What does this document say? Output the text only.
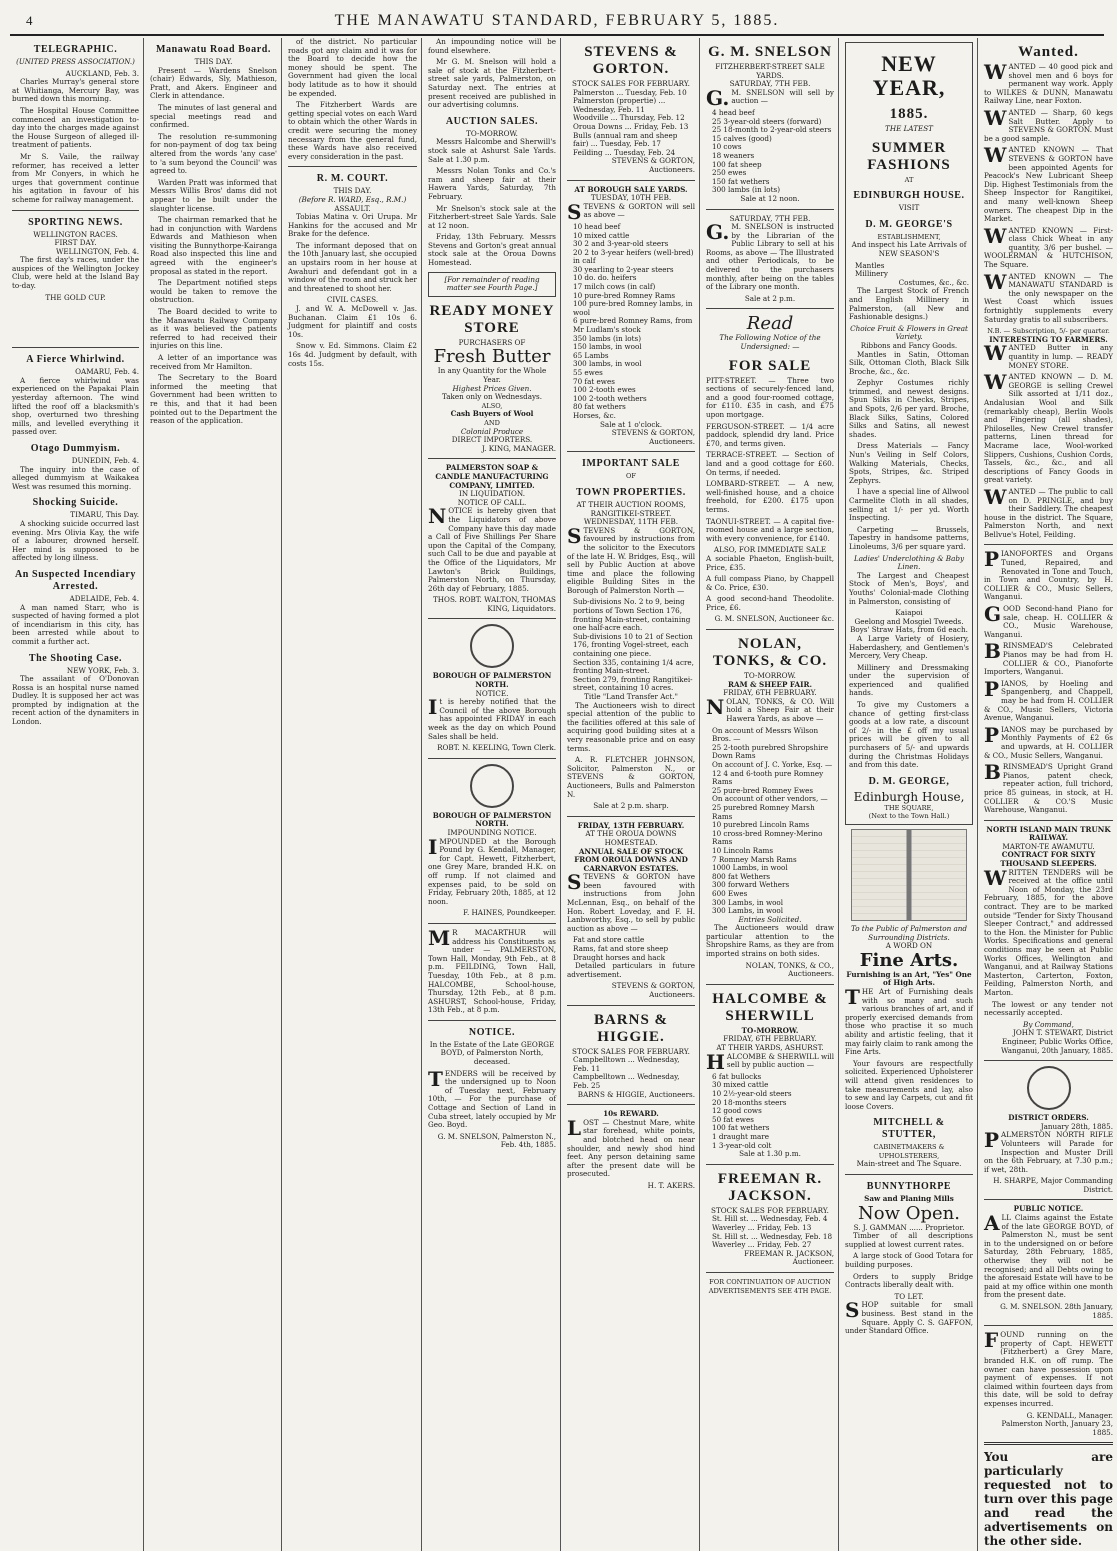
4	THE MANAWATU STANDARD, FEBRUARY 5, 1885.
TELEGRAPHIC.
(UNITED PRESS ASSOCIATION.)
AUCKLAND, Feb. 3.

Charles Murray's general store at Whitianga, Mercury Bay, was burned down this morning.

The Hospital House Committee commenced an investigation to-day into the charges made against the House Surgeon of alleged ill-treatment of patients.

Mr S. Vaile, the railway reformer, has received a letter from Mr Conyers, in which he urges that government continue his agitation in favour of his scheme for railway management.

SPORTING NEWS.
WELLINGTON RACES.
FIRST DAY.
WELLINGTON, Feb. 4.

The first day's races, under the auspices of the Wellington Jockey Club, were held at the Island Bay to-day.

THE GOLD CUP.
A Fierce Whirlwind.
OAMARU, Feb. 4.

A fierce whirlwind was experienced on the Papakai Plain yesterday afternoon. The wind lifted the roof off a blacksmith's shop, overturned two threshing mills, and levelled everything it passed over.

Otago Dummyism.
DUNEDIN, Feb. 4.

The inquiry into the case of alleged dummyism at Waikakea West was resumed this morning.

Shocking Suicide.
TIMARU, This Day.

A shocking suicide occurred last evening. Mrs Olivia Kay, the wife of a labourer, drowned herself. Her mind is supposed to be affected by long illness.

An Suspected Incendiary Arrested.
ADELAIDE, Feb. 4.

A man named Starr, who is suspected of having formed a plot of incendiarism in this city, has been arrested while about to commit a further act.

The Shooting Case.
NEW YORK, Feb. 3.

The assailant of O'Donovan Rossa is an hospital nurse named Dudley. It is supposed her act was prompted by indignation at the recent action of the dynamiters in London.

Manawatu Road Board.
THIS DAY.

Present — Wardens Snelson (chair) Edwards, Sly, Mathieson, Pratt, and Akers. Engineer and Clerk in attendance.

The minutes of last general and special meetings read and confirmed.

The resolution re-summoning for non-payment of dog tax being altered from the words 'any case' to 'a sum beyond the Council' was agreed to.

Warden Pratt was informed that Messrs Willis Bros' dams did not appear to be built under the slaughter license.

The chairman remarked that he had in conjunction with Wardens Edwards and Mathieson when visiting the Bunnythorpe-Kairanga Road also inspected this line and agreed with the engineer's proposal as stated in the report.

The Department notified steps would be taken to remove the obstruction.

The Board decided to write to the Manawatu Railway Company as it was believed the patients referred to had received their injuries on this line.

A letter of an importance was received from Mr Hamilton.

The Secretary to the Board informed the meeting that Government had been written to re this, and that it had been pointed out to the Department the reason of the application.

of the district. No particular roads got any claim and it was for the Board to decide how the money should be spent. The Government had given the local body latitude as to how it should be expended.

The Fitzherbert Wards are getting special votes on each Ward to obtain which the other Wards in credit were securing the money necessary from the general fund, these Wards have also received every consideration in the past.

R. M. COURT.
THIS DAY.
(Before R. WARD, Esq., R.M.)
ASSAULT.

Tobias Matina v. Ori Urupa. Mr Hankins for the accused and Mr Brake for the defence.

The informant deposed that on the 10th January last, she occupied an upstairs room in her house at Awahuri and defendant got in a window of the room and struck her and threatened to shoot her.

CIVIL CASES.

J. and W. A. McDowell v. Jas. Buchanan. Claim £1 10s 6. Judgment for plaintiff and costs 10s.

Snow v. Ed. Simmons. Claim £2 16s 4d. Judgment by default, with costs 15s.

An impounding notice will be found elsewhere.

Mr G. M. Snelson will hold a sale of stock at the Fitzherbert-street sale yards, Palmerston, on Saturday next. The entries at present received are published in our advertising columns.

AUCTION SALES.
TO-MORROW.

Messrs Halcombe and Sherwill's stock sale at Ashurst Sale Yards. Sale at 1.30 p.m.

Messrs Nolan Tonks and Co.'s ram and sheep fair at their Hawera Yards, Saturday, 7th February.

Mr Snelson's stock sale at the Fitzherbert-street Sale Yards. Sale at 12 noon.

Friday, 13th February. Messrs Stevens and Gorton's great annual stock sale at the Oroua Downs Homestead.

[For remainder of reading matter see Fourth Page.]
READY MONEY STORE
PURCHASERS OF
Fresh Butter
In any Quantity for the Whole Year.
Highest Prices Given.
Taken only on Wednesdays.
ALSO,
Cash Buyers of Wool
AND
Colonial Produce
DIRECT IMPORTERS.
J. KING, MANAGER.
PALMERSTON SOAP & CANDLE MANUFACTURING COMPANY, LIMITED.
IN LIQUIDATION.
NOTICE OF CALL.

NOTICE is hereby given that the Liquidators of above Company have this day made a Call of Five Shillings Per Share upon the Capital of the Company, such Call to be due and payable at the Office of the Liquidators, Mr Lawton's Brick Buildings, Palmerston North, on Thursday, 26th day of February, 1885.

THOS. ROBT. WALTON, THOMAS KING, Liquidators.
BOROUGH OF PALMERSTON NORTH.
NOTICE.

It is hereby notified that the Council of the above Borough has appointed FRIDAY in each week as the day on which Pound Sales shall be held.

ROBT. N. KEELING, Town Clerk.
BOROUGH OF PALMERSTON NORTH.
IMPOUNDING NOTICE.

IMPOUNDED at the Borough Pound by G. Kendall, Manager, for Capt. Hewett, Fitzherbert, one Grey Mare, branded H.K. on off rump. If not claimed and expenses paid, to be sold on Friday, February 20th, 1885, at 12 noon.

F. HAINES, Poundkeeper.

MR MACARTHUR will address his Constituents as under — PALMERSTON, Town Hall, Monday, 9th Feb., at 8 p.m. FEILDING, Town Hall, Tuesday, 10th Feb., at 8 p.m. HALCOMBE, School-house, Thursday, 12th Feb., at 8 p.m. ASHURST, School-house, Friday, 13th Feb., at 8 p.m.

NOTICE.

In the Estate of the Late GEORGE BOYD, of Palmerston North, deceased.

TENDERS will be received by the undersigned up to Noon of Tuesday next, February 10th, — For the purchase of Cottage and Section of Land in Cuba street, lately occupied by Mr Geo. Boyd.

G. M. SNELSON, Palmerston N., Feb. 4th, 1885.
STEVENS & GORTON.
STOCK SALES FOR FEBRUARY.
Palmerston ... Tuesday, Feb. 10
Palmerston (propertie) ... Wednesday, Feb. 11
Woodville ... Thursday, Feb. 12
Oroua Downs ... Friday, Feb. 13
Bulls (annual ram and sheep fair) ... Tuesday, Feb. 17
Feilding ... Tuesday, Feb. 24
STEVENS & GORTON, Auctioneers.
AT BOROUGH SALE YARDS.
TUESDAY, 10TH FEB.

STEVENS & GORTON will sell as above —

10 head beef
10 mixed cattle
30 2 and 3-year-old steers
20 2 to 3-year heifers (well-bred) in calf
30 yearling to 2-year steers
10 do. do. heifers
17 milch cows (in calf)
10 pure-bred Romney Rams
100 pure-bred Romney lambs, in wool
6 pure-bred Romney Rams, from Mr Ludlam's stock
350 lambs (in lots)
150 lambs, in wool
65 Lambs
300 lambs, in wool
55 ewes
70 fat ewes
100 2-tooth ewes
100 2-tooth wethers
80 fat wethers
Horses, &c.
Sale at 1 o'clock.
STEVENS & GORTON, Auctioneers.
IMPORTANT SALE
OF
TOWN PROPERTIES.
AT THEIR AUCTION ROOMS, RANGITIKEI-STREET.
WEDNESDAY, 11TH FEB.

STEVENS & GORTON, favoured by instructions from the solicitor to the Executors of the late H. W. Bridges, Esq., will sell by Public Auction at above time and place the following eligible Building Sites in the Borough of Palmerston North —

Sub-divisions No. 2 to 9, being portions of Town Section 176, fronting Main-street, containing one half-acre each.
Sub-divisions 10 to 21 of Section 176, fronting Vogel-street, each containing one piece.
Section 335, containing 1/4 acre, fronting Main-street.
Section 279, fronting Rangitikei-street, containing 10 acres.
Title "Land Transfer Act."

The Auctioneers wish to direct special attention of the public to the facilities offered at this sale of acquiring good building sites at a very reasonable price and on easy terms.

A. R. FLETCHER JOHNSON, Solicitor, Palmerston N., or STEVENS & GORTON, Auctioneers, Bulls and Palmerston N.

Sale at 2 p.m. sharp.
FRIDAY, 13TH FEBRUARY.
AT THE OROUA DOWNS HOMESTEAD.
ANNUAL SALE OF STOCK FROM OROUA DOWNS AND CARNARVON ESTATES.

STEVENS & GORTON have been favoured with instructions from John McLennan, Esq., on behalf of the Hon. Robert Loveday, and F. H. Lanbworthy, Esq., to sell by public auction as above —

Fat and store cattle
Rams, fat and store sheep
Draught horses and hack

Detailed particulars in future advertisement.

STEVENS & GORTON, Auctioneers.
BARNS & HIGGIE.
STOCK SALES FOR FEBRUARY.
Campbelltown ... Wednesday, Feb. 11
Campbelltown ... Wednesday, Feb. 25
BARNS & HIGGIE, Auctioneers.
10s REWARD.

LOST — Chestnut Mare, white star forehead, white points, and blotched head on near shoulder, and newly shod hind feet. Any person detaining same after the present date will be prosecuted.

H. T. AKERS.
G. M. SNELSON
FITZHERBERT-STREET SALE YARDS.
SATURDAY, 7TH FEB.

G.M. SNELSON will sell by auction —

4 head beef
25 3-year-old steers (forward)
25 18-month to 2-year-old steers
15 calves (good)
10 cows
18 weaners
100 fat sheep
250 ewes
150 fat wethers
300 lambs (in lots)
Sale at 12 noon.
SATURDAY, 7TH FEB.

G.M. SNELSON is instructed by the Librarian of the Public Library to sell at his Rooms, as above — The Illustrated and other Periodicals, to be delivered to the purchasers monthly, after being on the tables of the Library one month.

Sale at 2 p.m.
Read
The Following Notice of the Undersigned: —
FOR SALE

PITT-STREET. — Three two sections of securely-fenced land, and a good four-roomed cottage, for £110. £35 in cash, and £75 upon mortgage.

FERGUSON-STREET. — 1/4 acre paddock, splendid dry land. Price £70, and terms given.

TERRACE-STREET. — Section of land and a good cottage for £60. On terms, if needed.

LOMBARD-STREET. — A new, well-finished house, and a choice freehold, for £200. £175 upon terms.

TAONUI-STREET. — A capital five-roomed house and a large section, with every convenience, for £140.

ALSO, FOR IMMEDIATE SALE

A sociable Phaeton, English-built, Price, £35.

A full compass Piano, by Chappell & Co. Price, £30.

A good second-hand Theodolite. Price, £6.

G. M. SNELSON, Auctioneer &c.
NOLAN, TONKS, & CO.
TO-MORROW.
RAM & SHEEP FAIR.
FRIDAY, 6TH FEBRUARY.

NOLAN, TONKS, & CO. Will hold a Sheep Fair at their Hawera Yards, as above —

On account of Messrs Wilson Bros. —
25 2-tooth purebred Shropshire Down Rams
On account of J. C. Yorke, Esq. —
12 4 and 6-tooth pure Romney Rams
25 pure-bred Romney Ewes
On account of other vendors, —
25 purebred Romney Marsh Rams
10 purebred Lincoln Rams
10 cross-bred Romney-Merino Rams
10 Lincoln Rams
7 Romney Marsh Rams
1000 Lambs, in wool
800 fat Wethers
300 forward Wethers
600 Ewes
300 Lambs, in wool
300 Lambs, in wool
Entries Solicited.

The Auctioneers would draw particular attention to the Shropshire Rams, as they are from imported strains on both sides.

NOLAN, TONKS, & CO., Auctioneers.
HALCOMBE & SHERWILL
TO-MORROW.
FRIDAY, 6TH FEBRUARY.
AT THEIR YARDS, ASHURST.

HALCOMBE & SHERWILL will sell by public auction —

6 fat bullocks
30 mixed cattle
10 2½-year-old steers
20 18-months steers
12 good cows
50 fat ewes
100 fat wethers
1 draught mare
1 3-year-old colt
Sale at 1.30 p.m.
FREEMAN R. JACKSON.
STOCK SALES FOR FEBRUARY.
St. Hill st. ... Wednesday, Feb. 4
Waverley ... Friday, Feb. 13
St. Hill st. ... Wednesday, Feb. 18
Waverley ... Friday, Feb. 27
FREEMAN R. JACKSON, Auctioneer.
FOR CONTINUATION OF AUCTION ADVERTISEMENTS SEE 4TH PAGE.
NEW YEAR,
1885.
THE LATEST
SUMMER FASHIONS
AT
EDINBURGH HOUSE.
VISIT
D. M. GEORGE'S
ESTABLISHMENT,

And inspect his Late Arrivals of NEW SEASON'S

Mantles
Millinery
Costumes, &c., &c.

The Largest Stock of French and English Millinery in Palmerston, (all New and Fashionable designs.)

Choice Fruit & Flowers in Great Variety.
Ribbons and Fancy Goods.

Mantles in Satin, Ottoman Silk, Ottoman Cloth, Black Silk Broche, &c., &c.

Zephyr Costumes richly trimmed, and newest designs. Spun Silks in Checks, Stripes, and Spots, 2/6 per yard. Broche, Black Silks, Satins, Colored Silks and Satins, all newest shades.

Dress Materials — Fancy Nun's Veiling in Self Colors, Walking Materials, Checks, Spots, Stripes, &c. Striped Zephyrs.

I have a special line of Allwool Carmelite Cloth in all shades, selling at 1/- per yd. Worth Inspecting.

Carpeting — Brussels, Tapestry in handsome patterns, Linoleums, 3/6 per square yard.

Ladies' Underclothing & Baby Linen.

The Largest and Cheapest Stock of Men's, Boys', and Youths' Colonial-made Clothing in Palmerston, consisting of

Kaiapoi
Geelong and Mosgiel Tweeds.
Boys' Straw Hats, from 6d each.

A Large Variety of Hosiery, Haberdashery, and Gentlemen's Mercery, Very Cheap.

Millinery and Dressmaking under the supervision of experienced and qualified hands.

To give my Customers a chance of getting first-class goods at a low rate, a discount of 2/- in the £ off my usual prices will be given to all purchasers of 5/- and upwards during the Christmas Holidays and from this date.

D. M. GEORGE,
Edinburgh House,
THE SQUARE,
(Next to the Town Hall.)
To the Public of Palmerston and Surrounding Districts.
A WORD ON
Fine Arts.
Furnishing is an Art, "Yes" One of High Arts.

THE Art of Furnishing deals with so many and such various branches of art, and if properly exercised demands from those who practise it so much ability and artistic feeling, that it may fairly claim to rank among the Fine Arts.

Your favours are respectfully solicited. Experienced Upholsterer will attend given residences to take measurements and lay, also to sew and lay Carpets, cut and fit loose Covers.

MITCHELL & STUTTER,
CABINETMAKERS & UPHOLSTERERS,
Main-street and The Square.
BUNNYTHORPE
Saw and Planing Mills
Now Open.
S. J. GAMMAN ...... Proprietor.

Timber of all descriptions supplied at lowest current rates.

A large stock of Good Totara for building purposes.

Orders to supply Bridge Contracts liberally dealt with.

TO LET.

SHOP suitable for small business. Best stand in the Square. Apply C. S. GAFFON, under Standard Office.

Wanted.

WANTED — 40 good pick and shovel men and 6 boys for permanent way work. Apply to WILKES & DUNN, Manawatu Railway Line, near Foxton.

WANTED — Sharp, 60 kegs Salt Butter. Apply to STEVENS & GORTON. Must be a good sample.

WANTED KNOWN — That STEVENS & GORTON have been appointed Agents for Peacock's New Lubricant Sheep Dip. Highest Testimonials from the Sheep Inspector for Rangitikei, and many well-known Sheep owners. The cheapest Dip in the Market.

WANTED KNOWN — First-class Chick Wheat in any quantity, 3/6 per bushel. — WOOLERMAN & HUTCHISON, The Square.

WANTED KNOWN — The MANAWATU STANDARD is the only newspaper on the West Coast which issues fortnightly supplements every Saturday gratis to all subscribers.

N.B. — Subscription, 5/- per quarter.
INTERESTING TO FARMERS.

WANTED Butter in any quantity in lump. — READY MONEY STORE.

WANTED KNOWN — D. M. GEORGE is selling Crewel Silk assorted at 1/11 doz., Andalusian Wool and Silk (remarkably cheap), Berlin Wools and Fingering (all shades), Philoselles, New Crewel transfer patterns, Linen thread for Macrame lace, Wool-worked Slippers, Cushions, Cushion Cords, Tassels, &c., &c., and all descriptions of Fancy Goods in great variety.

WANTED — The public to call on D. PRINGLE, and buy their Saddlery. The cheapest house in the district. The Square, Palmerston North, and next Bellvue's Hotel, Feilding.

PIANOFORTES and Organs Tuned, Repaired, and Renovated in Tone and Touch, in Town and Country, by H. COLLIER & CO., Music Sellers, Wanganui.

GOOD Second-hand Piano for sale, cheap. H. COLLIER & CO., Music Warehouse, Wanganui.

BRINSMEAD'S Celebrated Pianos may be had from H. COLLIER & CO., Pianoforte Importers, Wanganui.

PIANOS, by Hoeling and Spangenberg, and Chappell, may be had from H. COLLIER & CO., Music Sellers, Victoria Avenue, Wanganui.

PIANOS may be purchased by Monthly Payments of £2 6s and upwards, at H. COLLIER & CO., Music Sellers, Wanganui.

BRINSMEAD'S Upright Grand Pianos, patent check, repeater action, full trichord, price 85 guineas, in stock, at H. COLLIER & CO.'S Music Warehouse, Wanganui.

NORTH ISLAND MAIN TRUNK RAILWAY.
MARTON-TE AWAMUTU.
CONTRACT FOR SIXTY THOUSAND SLEEPERS.

WRITTEN TENDERS will be received at the office until Noon of Monday, the 23rd February, 1885, for the above contract. They are to be marked outside "Tender for Sixty Thousand Sleeper Contract," and addressed to the Hon. the Minister for Public Works. Specifications and general conditions may be seen at Public Works Offices, Wellington and Wanganui, and at Railway Stations Masterton, Carterton, Foxton, Feilding, Palmerston North, and Marton.

The lowest or any tender not necessarily accepted.

By Command,
JOHN T. STEWART, District Engineer, Public Works Office, Wanganui, 20th January, 1885.
DISTRICT ORDERS.
January 28th, 1885.

PALMERSTON NORTH RIFLE Volunteers will Parade for Inspection and Muster Drill on the 6th February, at 7.30 p.m.; if wet, 28th.

H. SHARPE, Major Commanding District.
PUBLIC NOTICE.

ALL Claims against the Estate of the late GEORGE BOYD, of Palmerston N., must be sent in to the undersigned on or before Saturday, 28th February, 1885, otherwise they will not be recognised; and all Debts owing to the aforesaid Estate will have to be paid at my office within one month from the present date.

G. M. SNELSON. 28th January, 1885.

FOUND running on the property of Capt. HEWETT (Fitzherbert) a Grey Mare, branded H.K. on off rump. The owner can have possession upon payment of expenses. If not claimed within fourteen days from this date, will be sold to defray expenses incurred.

G. KENDALL, Manager. Palmerston North, January 23, 1885.

You are particularly requested not to turn over this page and read the advertisements on the other side.
